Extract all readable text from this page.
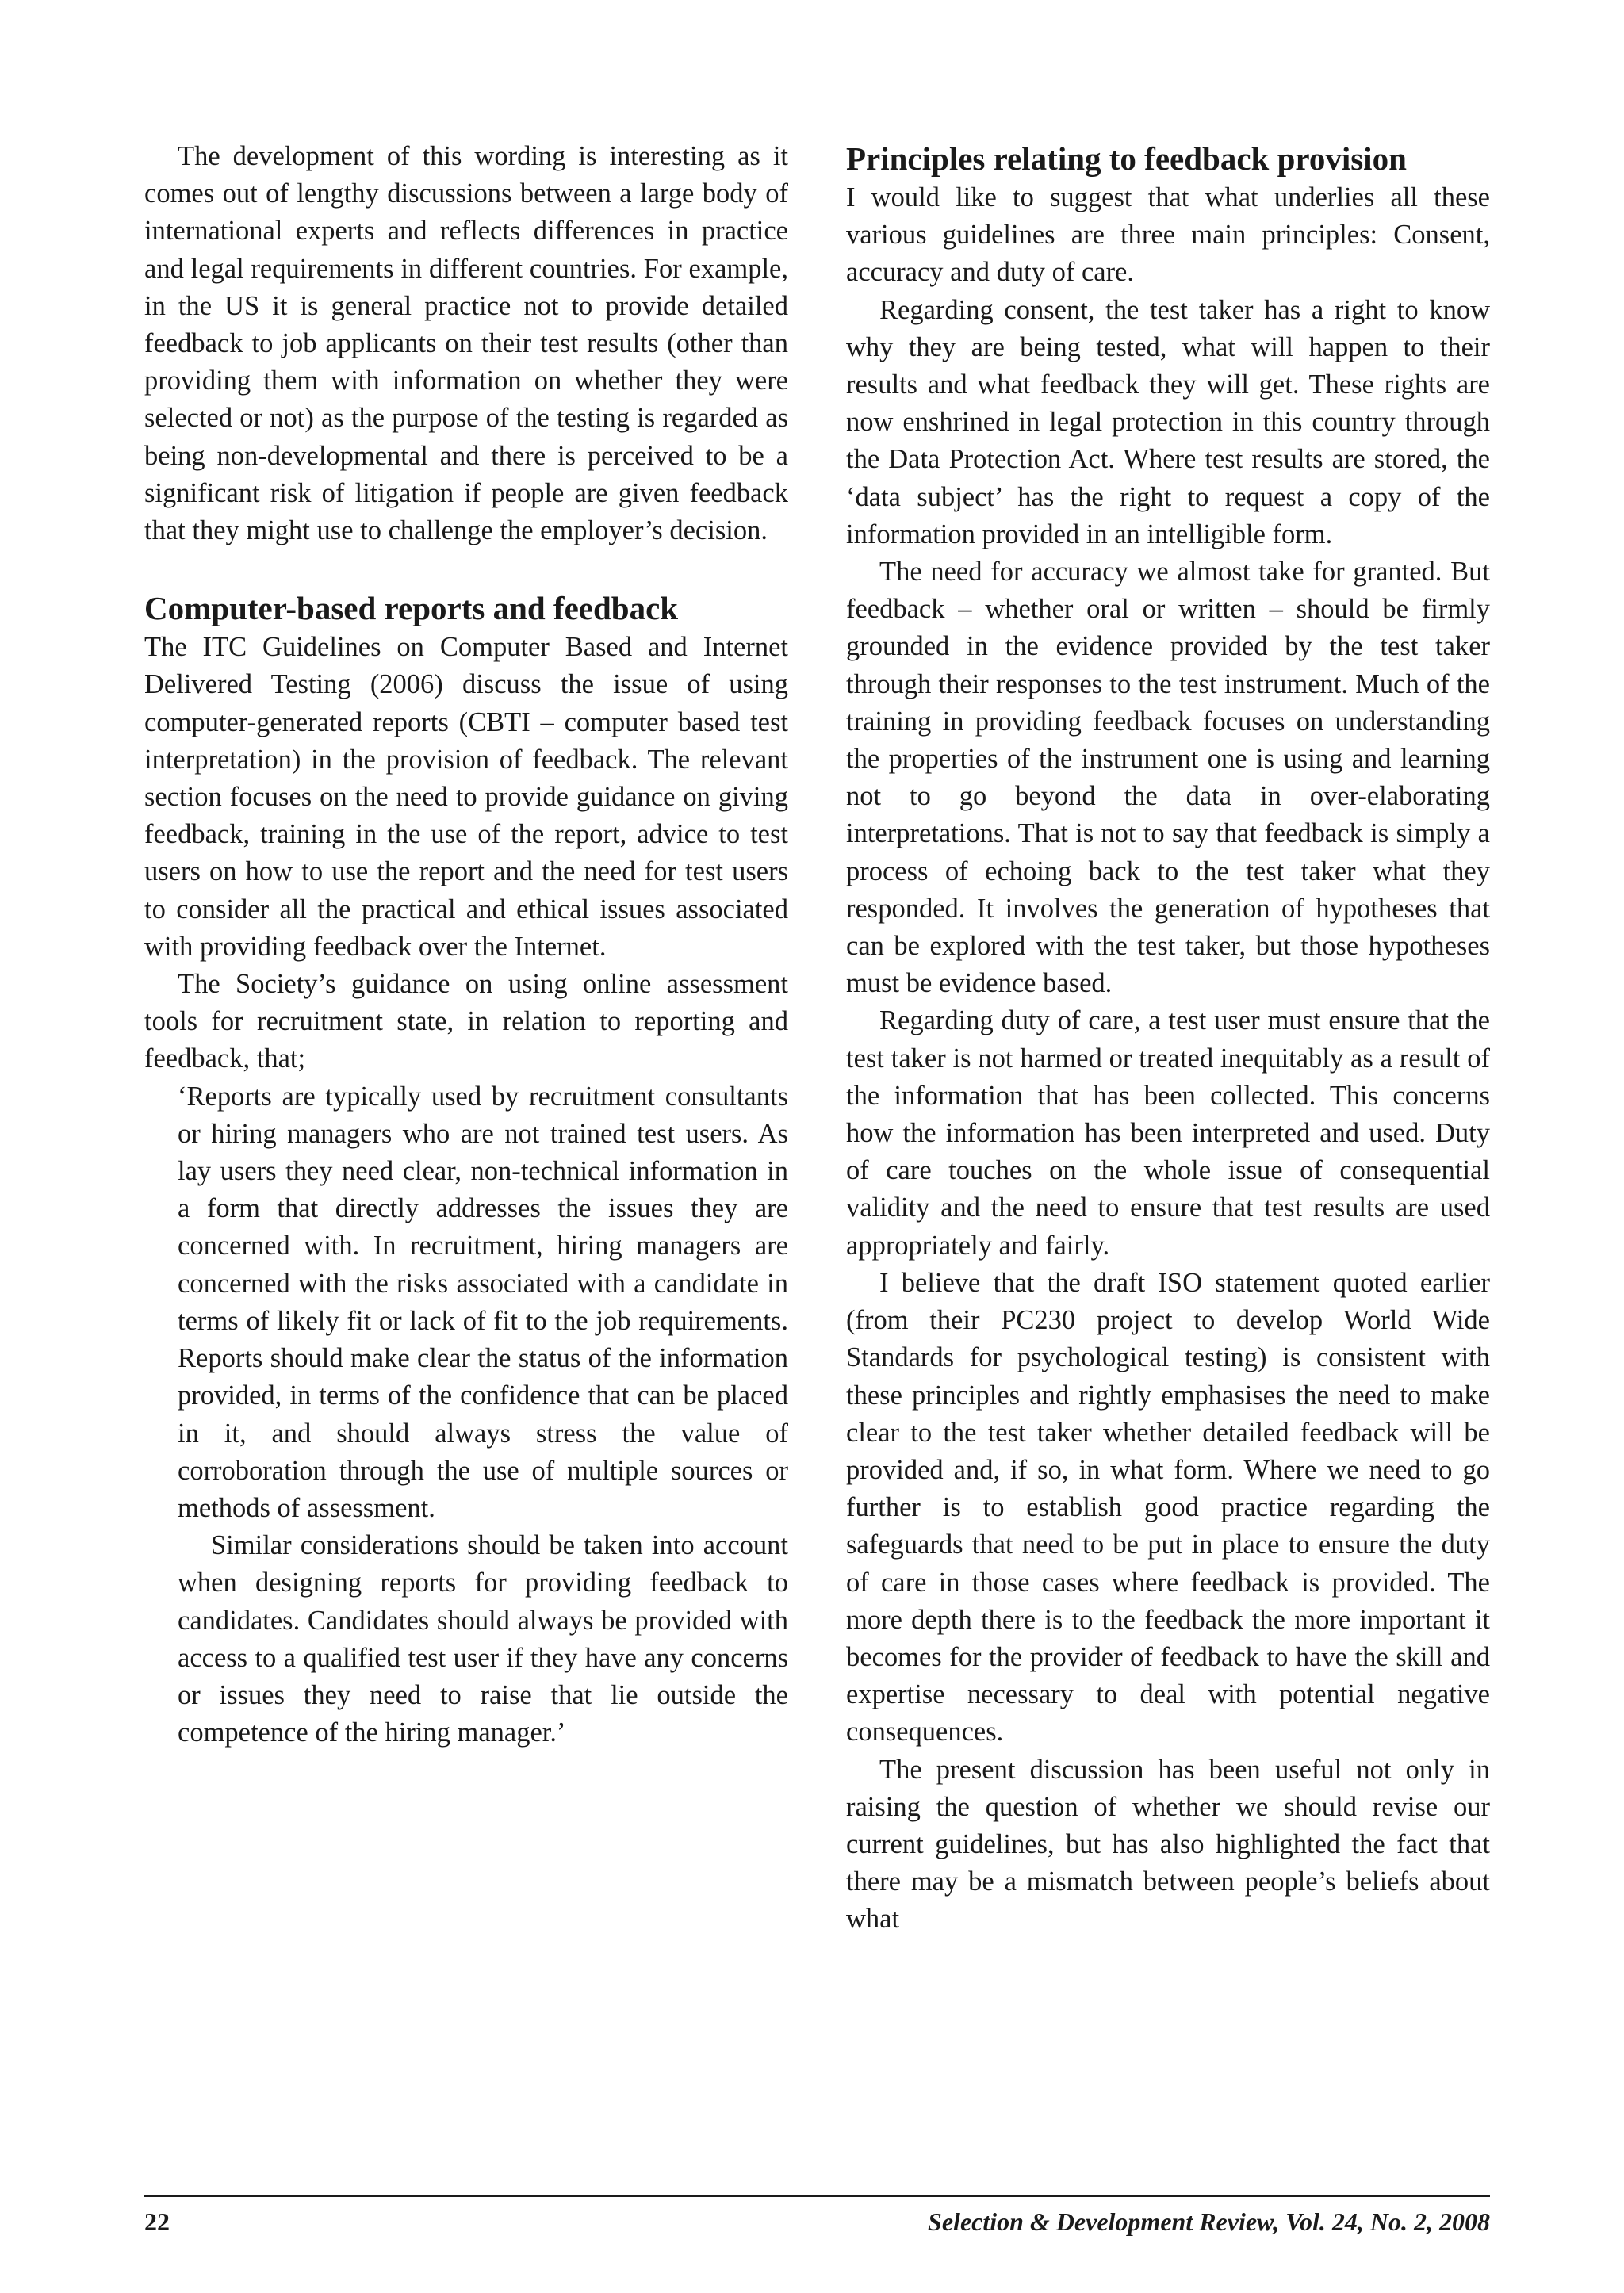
The development of this wording is interesting as it comes out of lengthy discussions between a large body of international experts and reflects differences in practice and legal requirements in different countries. For example, in the US it is general practice not to provide detailed feedback to job applicants on their test results (other than providing them with information on whether they were selected or not) as the purpose of the testing is regarded as being non-developmental and there is perceived to be a significant risk of litigation if people are given feedback that they might use to challenge the employer’s decision.

Computer-based reports and feedback

The ITC Guidelines on Computer Based and Internet Delivered Testing (2006) discuss the issue of using computer-generated reports (CBTI – computer based test interpretation) in the provision of feedback. The relevant section focuses on the need to provide guidance on giving feedback, training in the use of the report, advice to test users on how to use the report and the need for test users to consider all the practical and ethical issues associated with providing feedback over the Internet.

The Society’s guidance on using online assessment tools for recruitment state, in relation to reporting and feedback, that;

‘Reports are typically used by recruitment consultants or hiring managers who are not trained test users. As lay users they need clear, non-technical information in a form that directly addresses the issues they are concerned with. In recruitment, hiring managers are concerned with the risks associated with a candidate in terms of likely fit or lack of fit to the job requirements. Reports should make clear the status of the information provided, in terms of the confidence that can be placed in it, and should always stress the value of corroboration through the use of multiple sources or methods of assessment.

Similar considerations should be taken into account when designing reports for providing feedback to candidates. Candidates should always be provided with access to a qualified test user if they have any concerns or issues they need to raise that lie outside the competence of the hiring manager.’

Principles relating to feedback provision

I would like to suggest that what underlies all these various guidelines are three main principles: Consent, accuracy and duty of care.

Regarding consent, the test taker has a right to know why they are being tested, what will happen to their results and what feedback they will get. These rights are now enshrined in legal protection in this country through the Data Protection Act. Where test results are stored, the ‘data subject’ has the right to request a copy of the information provided in an intelligible form.

The need for accuracy we almost take for granted. But feedback – whether oral or written – should be firmly grounded in the evidence provided by the test taker through their responses to the test instrument. Much of the training in providing feedback focuses on understanding the properties of the instrument one is using and learning not to go beyond the data in over-elaborating interpretations. That is not to say that feedback is simply a process of echoing back to the test taker what they responded. It involves the generation of hypotheses that can be explored with the test taker, but those hypotheses must be evidence based.

Regarding duty of care, a test user must ensure that the test taker is not harmed or treated inequitably as a result of the information that has been collected. This concerns how the information has been interpreted and used. Duty of care touches on the whole issue of consequential validity and the need to ensure that test results are used appropriately and fairly.

I believe that the draft ISO statement quoted earlier (from their PC230 project to develop World Wide Standards for psychological testing) is consistent with these principles and rightly emphasises the need to make clear to the test taker whether detailed feedback will be provided and, if so, in what form. Where we need to go further is to establish good practice regarding the safeguards that need to be put in place to ensure the duty of care in those cases where feedback is provided. The more depth there is to the feedback the more important it becomes for the provider of feedback to have the skill and expertise necessary to deal with potential negative consequences.

The present discussion has been useful not only in raising the question of whether we should revise our current guidelines, but has also highlighted the fact that there may be a mismatch between people’s beliefs about what

22	Selection & Development Review, Vol. 24, No. 2, 2008
